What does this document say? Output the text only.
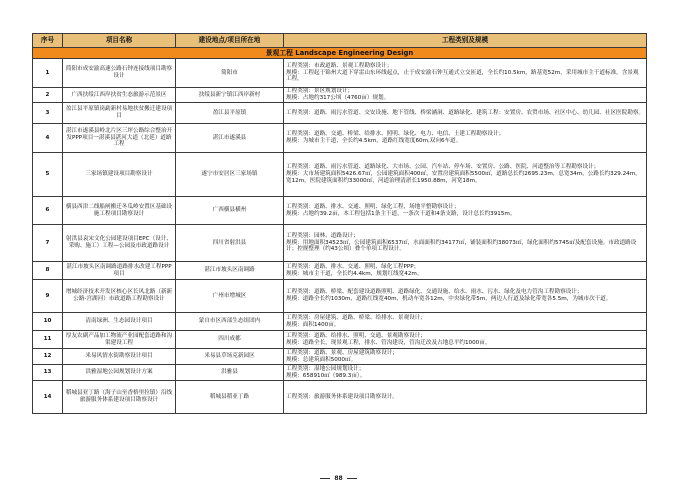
序号	项目名称	建设地点/项目所在地	工程类别及规模
景观工程 Landscape Engineering Design			
1	简阳市成安渝高速公路石钟连接线项目勘察设计	简阳市	工程类别：市政道路、景观工程勘察设计；
规模：工程起于锦州大道下穿雷山东环线起点，止于成安渝石钟互通式立交匝道，全长约10.5km，路基宽52m，采用城市主干道标准，含景观工程。

2	广西扶绥江西岸扶贫生态旅游示范景区	扶绥县新宁镇江西岸新村	工程类别：景区规划设计；
规模：占地约317公顷（4760亩）规划。

3	盈江县平原镇岗勐新村易地扶贫搬迁建设项目	盈江县平原镇	工程类别：道路、雨污水管道、交安设施、地下管线、桥梁涵洞、道路绿化、建筑工程：安置房、农贸市场、社区中心、幼儿园、社区医院勘察。

4	湛江市遂溪县岭北片区三坪公路综合整治开发PPP项目一湛溪县湛河大道（北延）道路工程	湛江市遂溪县	工程类别：道路、交通、桥梁、给排水、照明、绿化、电力、电信、土建工程勘察设计；
规模：为城市主干道，全长约4.5km，道路红线宽度60m,双向6车道。

5	三家场镇建设项目勘察设计	遂宁市安居区三家场镇	工程类别：道路、雨污水管道、道路绿化、大市场、公园、汽车站、停车场、安置房、公路、医院、河道整治等工程勘察设计；
规模：大市场建筑面积5426.67㎡，公园建筑面积400㎡，安置房建筑面积5500㎡，道路总长约2695.23m，总宽34m，公路长约329.24m，宽12m，医院建筑面积约33000㎡，河道治理清淤长1950.88m，河宽18m。

6	横县西津二线船闸搬迁冬瓜岭安置区基础设施工程项目勘察设计	广西横县横州	工程类别：道路、排水、交通、照明、绿化工程，场地平整勘察设计；
规模：占地约39.2亩，本工程包括1条主干道，一条次干道和4条支路，设计总长约3915m。

7	射洪县袁宋文化公园建设项目EPC（设计、采购、施工）工程—公园及市政道路设计	四川省射洪县	工程类别：园林、道路设计；
规模：用地面积34523㎡，公园建筑面积6537㎡，水面面积约34177㎡，铺装面积约38073㎡，绿化面积约5745㎡及配套设施。市政道路设计；控规整理（约43公顷）叠个单项工程设计。

8	湛江市坡头区南调路道路排水改建工程PPP项目	湛江市坡头区南调路	工程类别：道路、排水、交通、照明、绿化工程PPP；
规模：城市主干道，全长约4.4km，规划红线宽42m。

9	增城经济技术开发区核心区长风北路（新新公路-宫湖河）市政道路工程勘察设计	广州市增城区	工程类别：道路、桥梁、配套建设道路照明、道路绿化、交通设施、给水、雨水、污水、绿化及电力管沟工程勘察设计；
规模：道路全长约1030m，道路红线宽40m，机动车宽各12m，中央绿化带5m，两边人行道及绿化带宽各5.5m，为城市次干道。

10	清南绿洲、生态园设计项目	蒙自市区西部生态组团内	工程类别：房屋建筑、道路、桥梁、给排水、景观设计；
规模：面积1400亩。

11	厚友农副产品加工物流产业园配套道路和沟渠建设工程	四川成都	工程类别：道路、给排水、照明、交通、景观勘察设计；
规模：道路全长，现景观工程，排水、管沟建设，管沟迁改及占地总平约1000亩。

12	米易风情水街勘察设计项目	米易县草场克新园区	工程类别：道路、景观、房屋建筑勘察设计；
规模：总建筑面积5000㎡。

13	洪雅湿地公园规划设计方案	洪雅县	工程类别：湿地公园规划设计；
规模：658910㎡（989.3亩）。

14	稻城县亚丁路（海子山至香格里拉镇）沿线旅游服务体系建设项目勘察设计	稻城县稻亚丁路	工程类别：旅游服务体系建设项目勘察设计。
88
